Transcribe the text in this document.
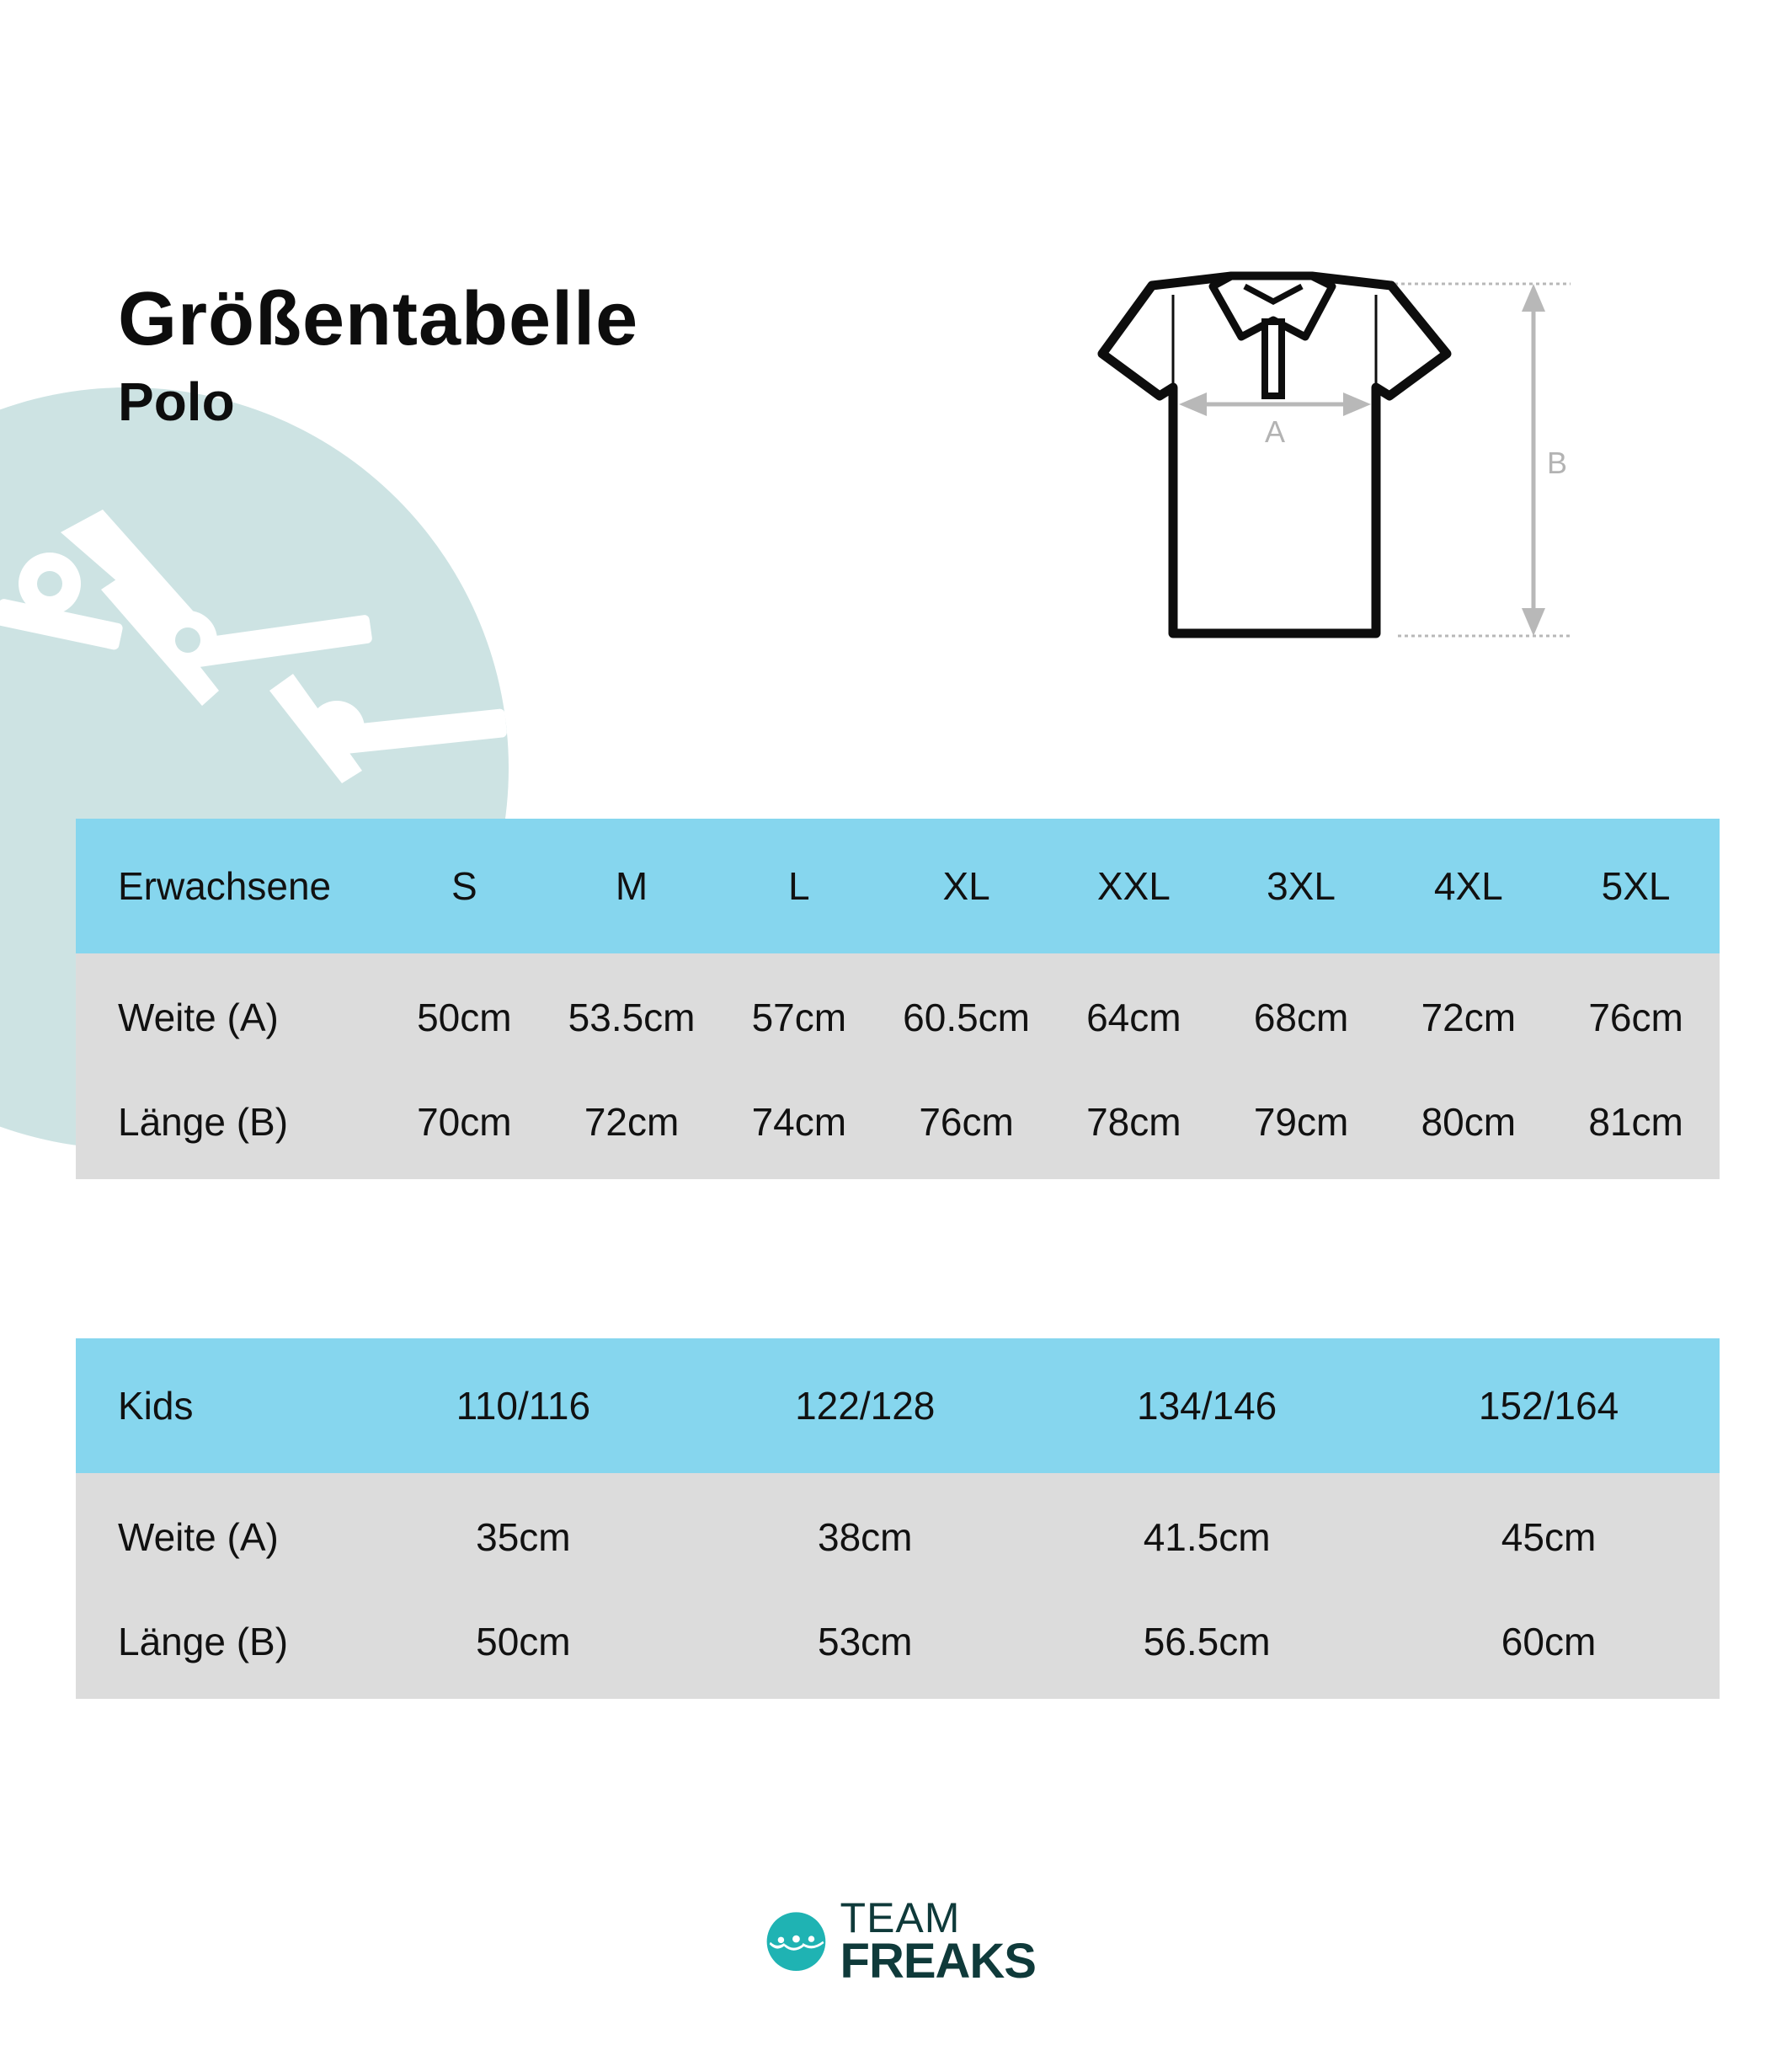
Größentabelle
Polo
B
A
Erwachsene	S	M	L	XL	XXL	3XL	4XL	5XL
Weite (A)	50cm	53.5cm	57cm	60.5cm	64cm	68cm	72cm	76cm
Länge (B)	70cm	72cm	74cm	76cm	78cm	79cm	80cm	81cm
Kids	110/116	122/128	134/146	152/164
Weite (A)	35cm	38cm	41.5cm	45cm
Länge (B)	50cm	53cm	56.5cm	60cm
TEAM
FREAKS
